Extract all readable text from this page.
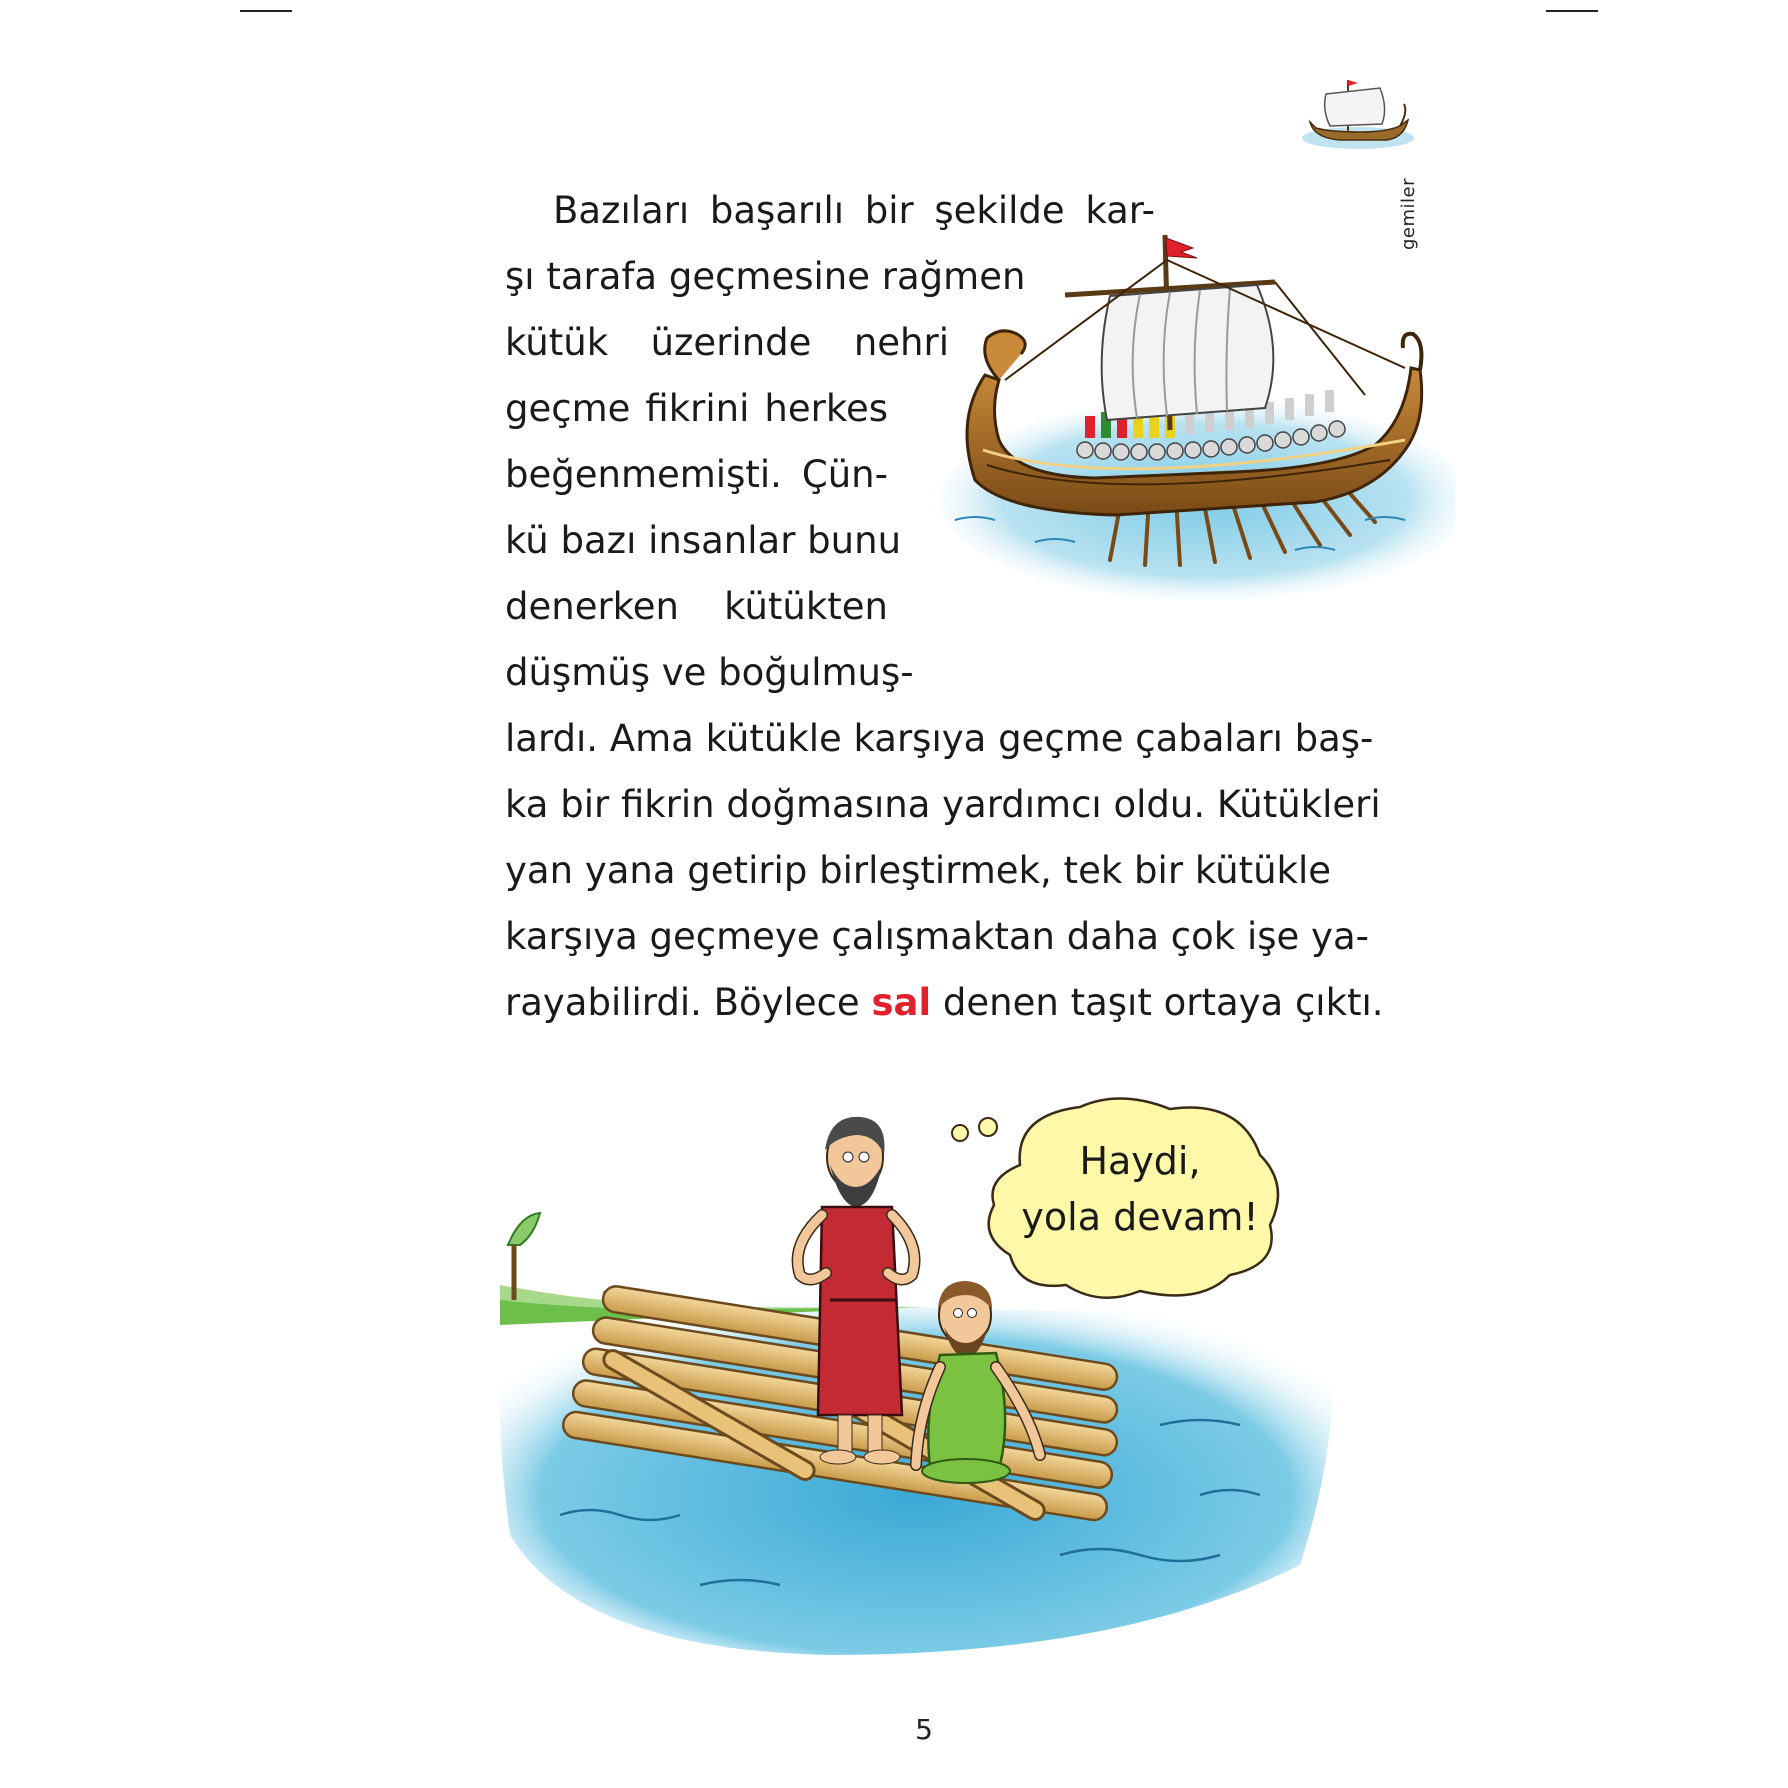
gemiler
Bazıları başarılı bir şekilde kar-
şı tarafa geçmesine rağmen
kütük üzerinde nehri
geçme fikrini herkes
beğenmemişti. Çün-
kü bazı insanlar bunu
denerken kütükten
düşmüş ve boğulmuş-
lardı. Ama kütükle karşıya geçme çabaları baş-
ka bir fikrin doğmasına yardımcı oldu. Kütükleri
yan yana getirip birleştirmek, tek bir kütükle
karşıya geçmeye çalışmaktan daha çok işe ya-
rayabilirdi. Böylece sal denen taşıt ortaya çıktı.
Haydi,
yola devam!
5
